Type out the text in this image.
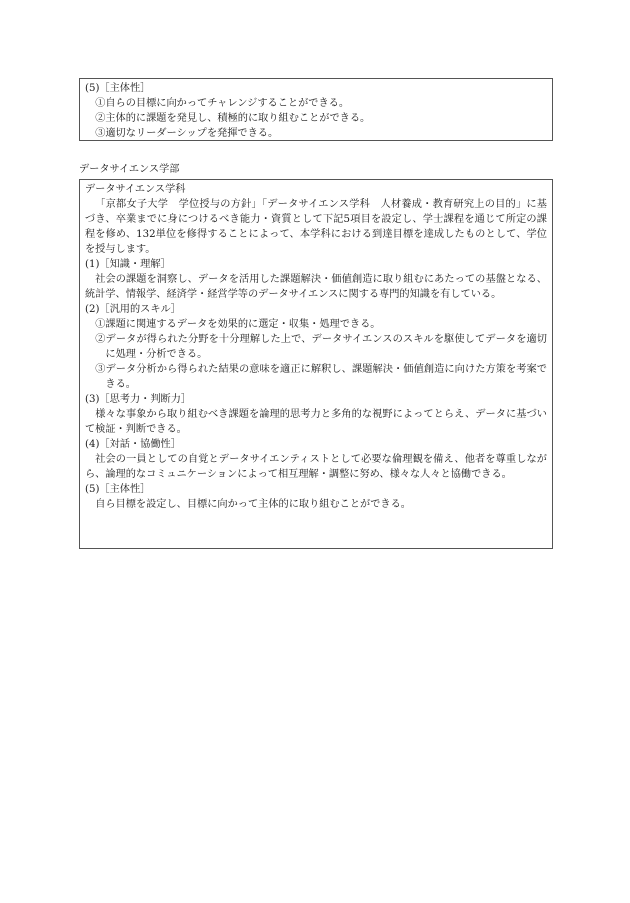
(5)［主体性］
①自らの目標に向かってチャレンジすることができる。
②主体的に課題を発見し、積極的に取り組むことができる。
③適切なリーダーシップを発揮できる。
データサイエンス学部
データサイエンス学科
「京都女子大学　学位授与の方針」「データサイエンス学科　人材養成・教育研究上の目的」に基づき、卒業までに身につけるべき能力・資質として下記5項目を設定し、学士課程を通じて所定の課程を修め、132単位を修得することによって、本学科における到達目標を達成したものとして、学位を授与します。
(1)［知識・理解］
社会の課題を洞察し、データを活用した課題解決・価値創造に取り組むにあたっての基盤となる、統計学、情報学、経済学・経営学等のデータサイエンスに関する専門的知識を有している。
(2)［汎用的スキル］
①課題に関連するデータを効果的に選定・収集・処理できる。
②データが得られた分野を十分理解した上で、データサイエンスのスキルを駆使してデータを適切に処理・分析できる。
③データ分析から得られた結果の意味を適正に解釈し、課題解決・価値創造に向けた方策を考案できる。
(3)［思考力・判断力］
様々な事象から取り組むべき課題を論理的思考力と多角的な視野によってとらえ、データに基づいて検証・判断できる。
(4)［対話・協働性］
社会の一員としての自覚とデータサイエンティストとして必要な倫理観を備え、他者を尊重しながら、論理的なコミュニケーションによって相互理解・調整に努め、様々な人々と協働できる。
(5)［主体性］
自ら目標を設定し、目標に向かって主体的に取り組むことができる。
